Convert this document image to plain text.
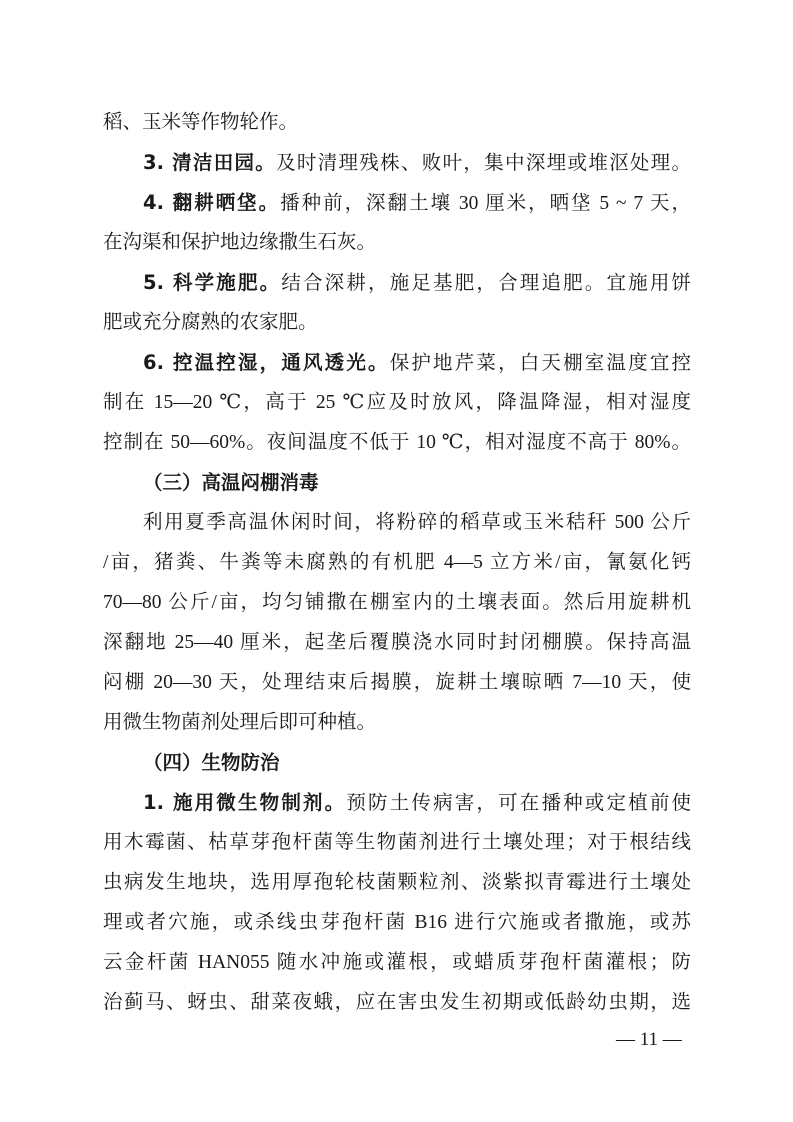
稻、玉米等作物轮作。
3. 清洁田园。及时清理残株、败叶，集中深埋或堆沤处理。
4. 翻耕晒垡。播种前，深翻土壤 30 厘米，晒垡 5 ~ 7 天，
在沟渠和保护地边缘撒生石灰。
5. 科学施肥。结合深耕，施足基肥，合理追肥。宜施用饼
肥或充分腐熟的农家肥。
6. 控温控湿，通风透光。保护地芹菜，白天棚室温度宜控
制在 15—20 ℃，高于 25 ℃应及时放风，降温降湿，相对湿度
控制在 50—60%。夜间温度不低于 10 ℃，相对湿度不高于 80%。
（三）高温闷棚消毒
利用夏季高温休闲时间，将粉碎的稻草或玉米秸秆 500 公斤
/亩，猪粪、牛粪等未腐熟的有机肥 4—5 立方米/亩，氰氨化钙
70—80 公斤/亩，均匀铺撒在棚室内的土壤表面。然后用旋耕机
深翻地 25—40 厘米，起垄后覆膜浇水同时封闭棚膜。保持高温
闷棚 20—30 天，处理结束后揭膜，旋耕土壤晾晒 7—10 天，使
用微生物菌剂处理后即可种植。
（四）生物防治
1. 施用微生物制剂。预防土传病害，可在播种或定植前使
用木霉菌、枯草芽孢杆菌等生物菌剂进行土壤处理；对于根结线
虫病发生地块，选用厚孢轮枝菌颗粒剂、淡紫拟青霉进行土壤处
理或者穴施，或杀线虫芽孢杆菌 B16 进行穴施或者撒施，或苏
云金杆菌 HAN055 随水冲施或灌根，或蜡质芽孢杆菌灌根；防
治蓟马、蚜虫、甜菜夜蛾，应在害虫发生初期或低龄幼虫期，选
— 11 —
